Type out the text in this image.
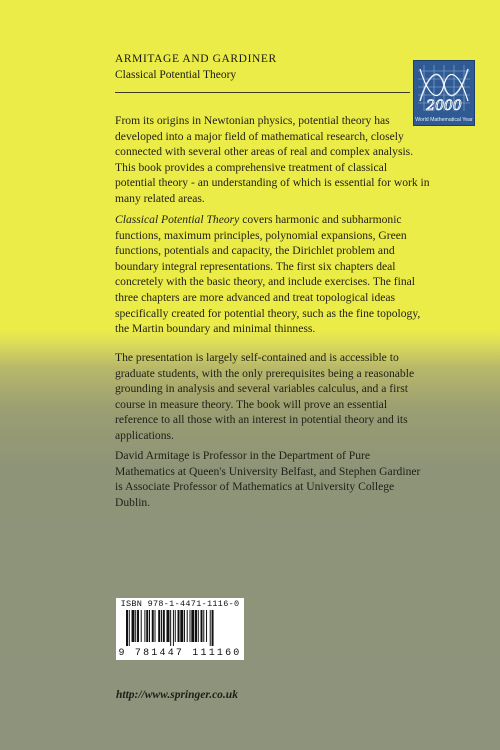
ARMITAGE AND GARDINER
Classical Potential Theory
2000
World Mathematical Year

From its origins in Newtonian physics, potential theory has developed into a major field of mathematical research, closely connected with several other areas of real and complex analysis. This book provides a comprehensive treatment of classical potential theory - an understanding of which is essential for work in many related areas.

Classical Potential Theory covers harmonic and subharmonic functions, maximum principles, polynomial expansions, Green functions, potentials and capacity, the Dirichlet problem and boundary integral representations. The first six chapters deal concretely with the basic theory, and include exercises. The final three chapters are more advanced and treat topological ideas specifically created for potential theory, such as the fine topology, the Martin boundary and minimal thinness.

The presentation is largely self-contained and is accessible to graduate students, with the only prerequisites being a reasonable grounding in analysis and several variables calculus, and a first course in measure theory. The book will prove an essential reference to all those with an interest in potential theory and its applications.

David Armitage is Professor in the Department of Pure Mathematics at Queen's University Belfast, and Stephen Gardiner is Associate Professor of Mathematics at University College Dublin.

ISBN 978-1-4471-1116-0
9 781447 111160
http://www.springer.co.uk
